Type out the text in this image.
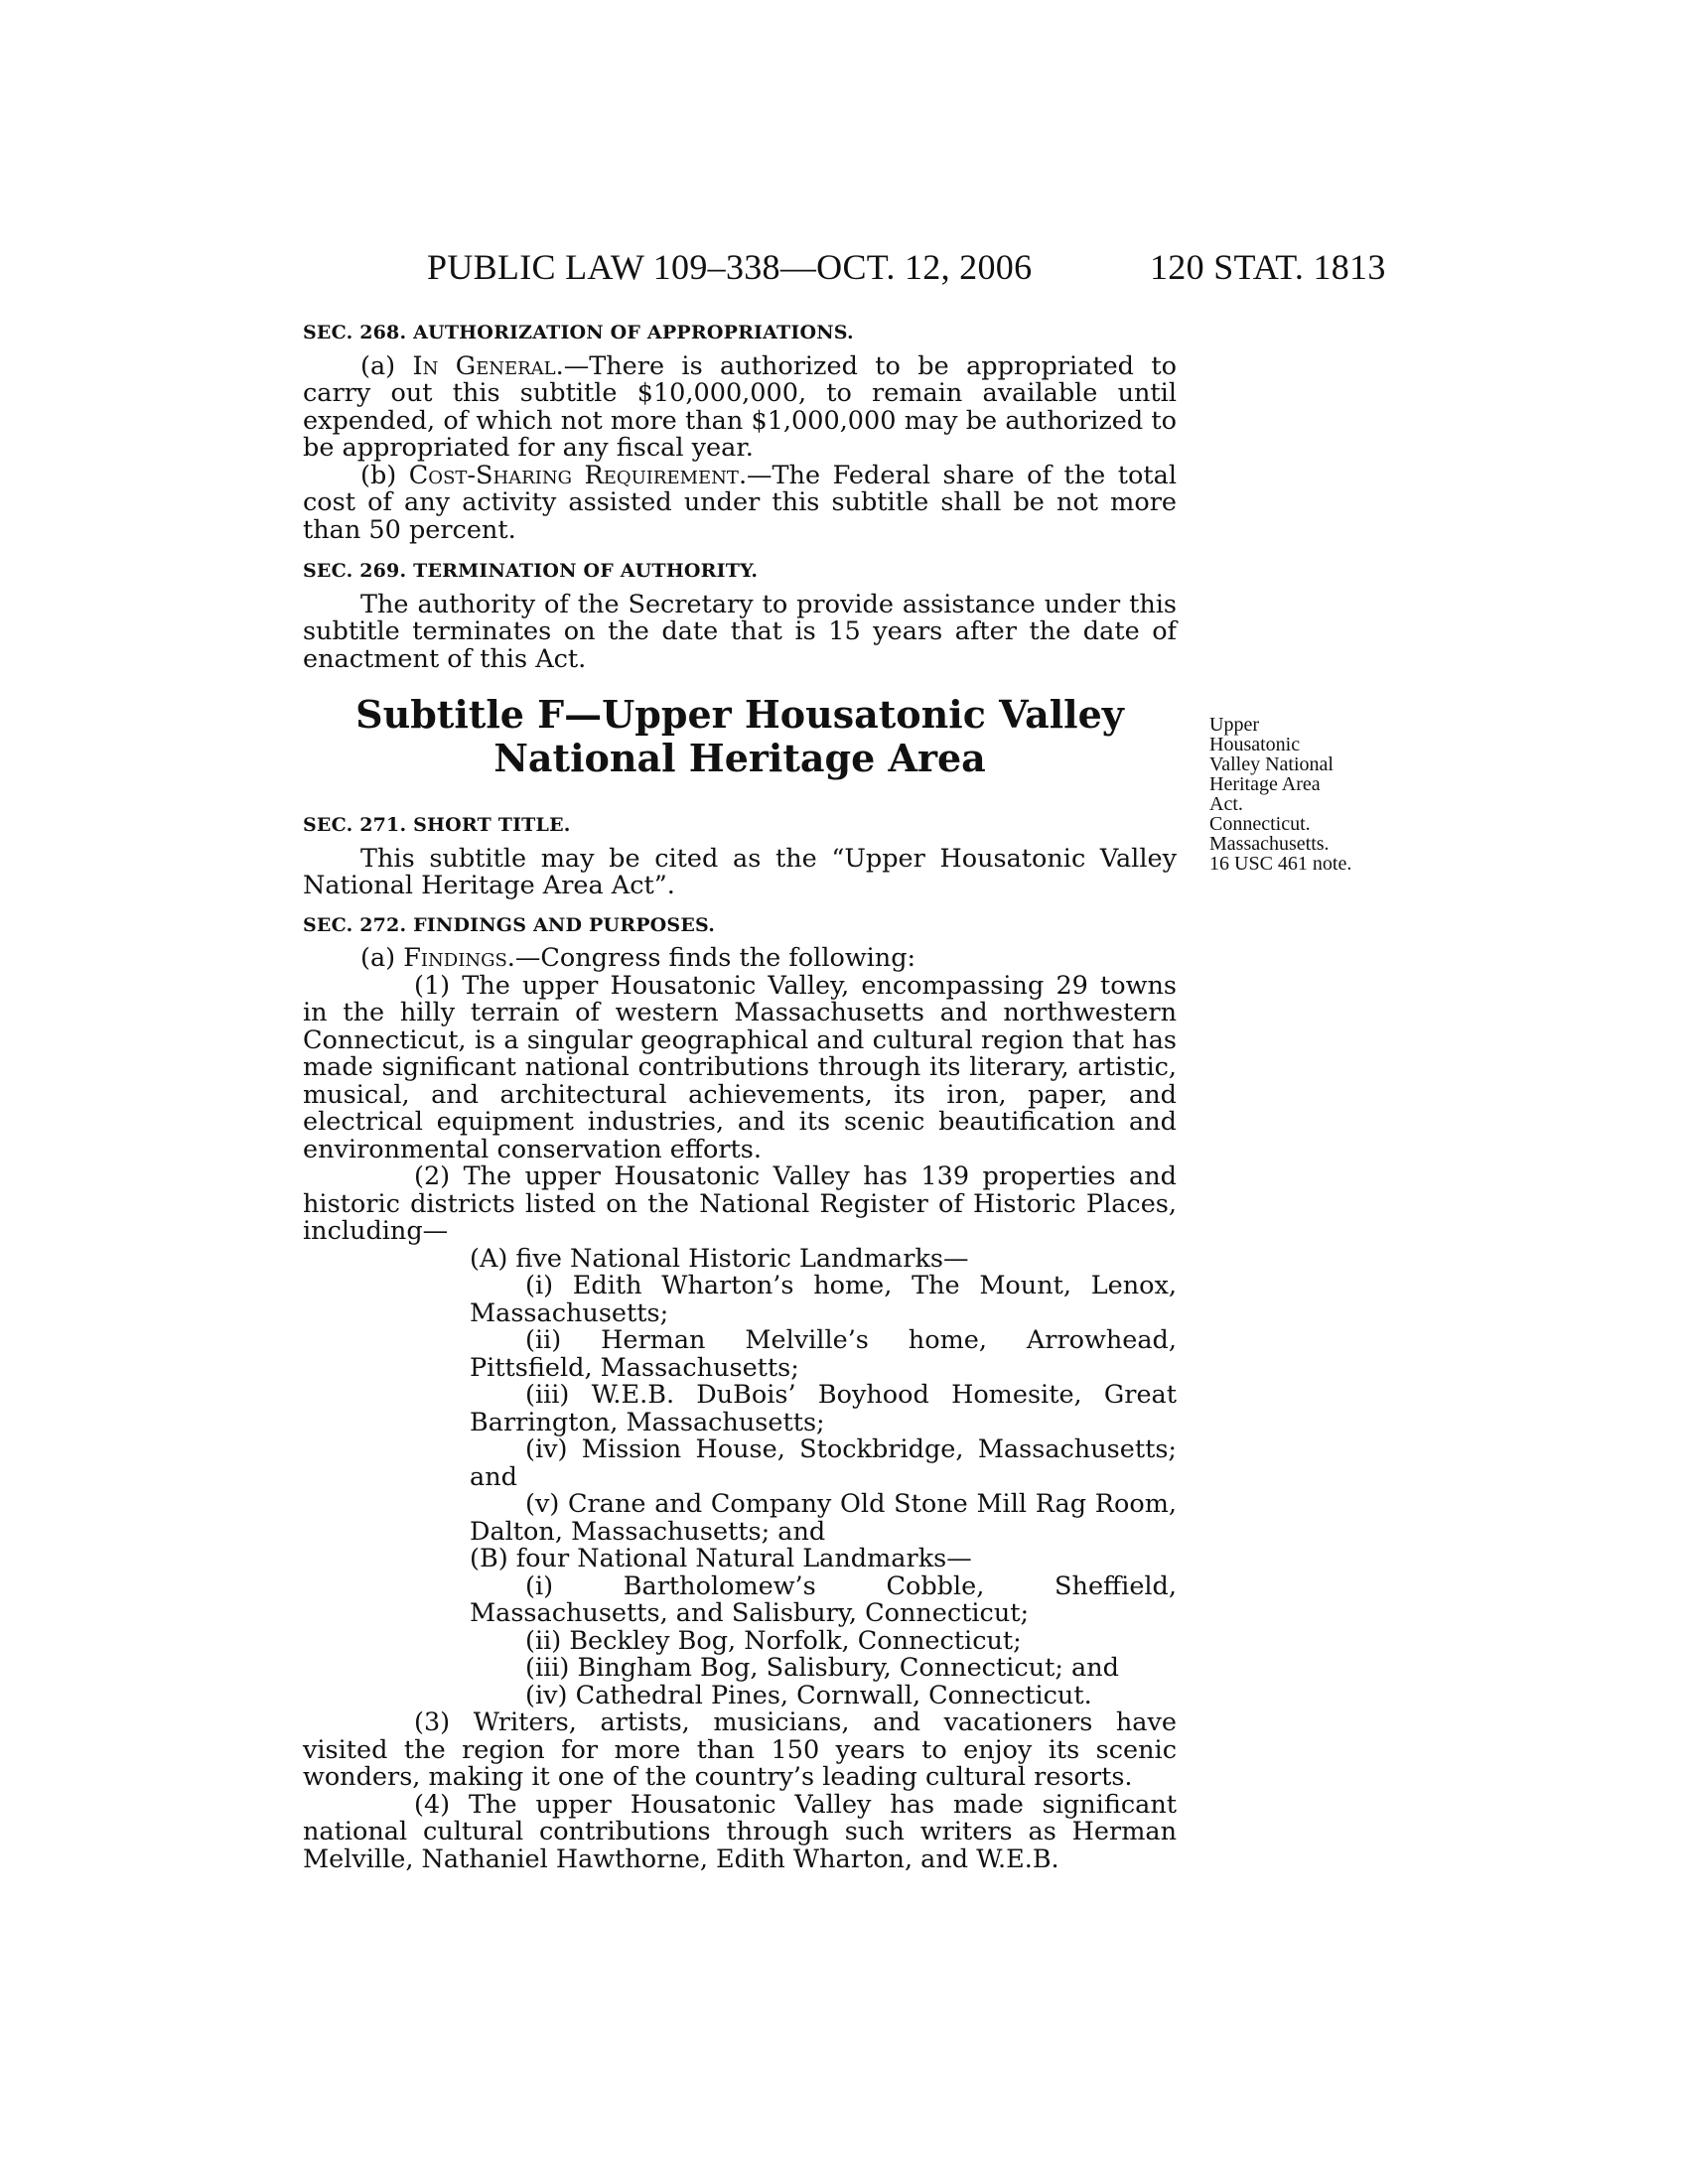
PUBLIC LAW 109–338—OCT. 12, 2006	120 STAT. 1813

SEC. 268. AUTHORIZATION OF APPROPRIATIONS.

(a) In General.—There is authorized to be appropriated to carry out this subtitle $10,000,000, to remain available until expended, of which not more than $1,000,000 may be authorized to be appropriated for any fiscal year.

(b) Cost-Sharing Requirement.—The Federal share of the total cost of any activity assisted under this subtitle shall be not more than 50 percent.

SEC. 269. TERMINATION OF AUTHORITY.

The authority of the Secretary to provide assistance under this subtitle terminates on the date that is 15 years after the date of enactment of this Act.

Subtitle F—Upper Housatonic Valley
National Heritage Area
Upper
Housatonic
Valley National
Heritage Area
Act.
Connecticut.
Massachusetts.
16 USC 461 note.

SEC. 271. SHORT TITLE.

This subtitle may be cited as the “Upper Housatonic Valley National Heritage Area Act”.

SEC. 272. FINDINGS AND PURPOSES.

(a) Findings.—Congress finds the following:

(1) The upper Housatonic Valley, encompassing 29 towns in the hilly terrain of western Massachusetts and northwestern Connecticut, is a singular geographical and cultural region that has made significant national contributions through its literary, artistic, musical, and architectural achievements, its iron, paper, and electrical equipment industries, and its scenic beautification and environmental conservation efforts.

(2) The upper Housatonic Valley has 139 properties and historic districts listed on the National Register of Historic Places, including—

(A) five National Historic Landmarks—

(i) Edith Wharton’s home, The Mount, Lenox, Massachusetts;

(ii) Herman Melville’s home, Arrowhead, Pittsfield, Massachusetts;

(iii) W.E.B. DuBois’ Boyhood Homesite, Great Barrington, Massachusetts;

(iv) Mission House, Stockbridge, Massachusetts; and

(v) Crane and Company Old Stone Mill Rag Room, Dalton, Massachusetts; and

(B) four National Natural Landmarks—

(i) Bartholomew’s Cobble, Sheffield, Massachusetts, and Salisbury, Connecticut;

(ii) Beckley Bog, Norfolk, Connecticut;

(iii) Bingham Bog, Salisbury, Connecticut; and

(iv) Cathedral Pines, Cornwall, Connecticut.

(3) Writers, artists, musicians, and vacationers have visited the region for more than 150 years to enjoy its scenic wonders, making it one of the country’s leading cultural resorts.

(4) The upper Housatonic Valley has made significant national cultural contributions through such writers as Herman Melville, Nathaniel Hawthorne, Edith Wharton, and W.E.B.
